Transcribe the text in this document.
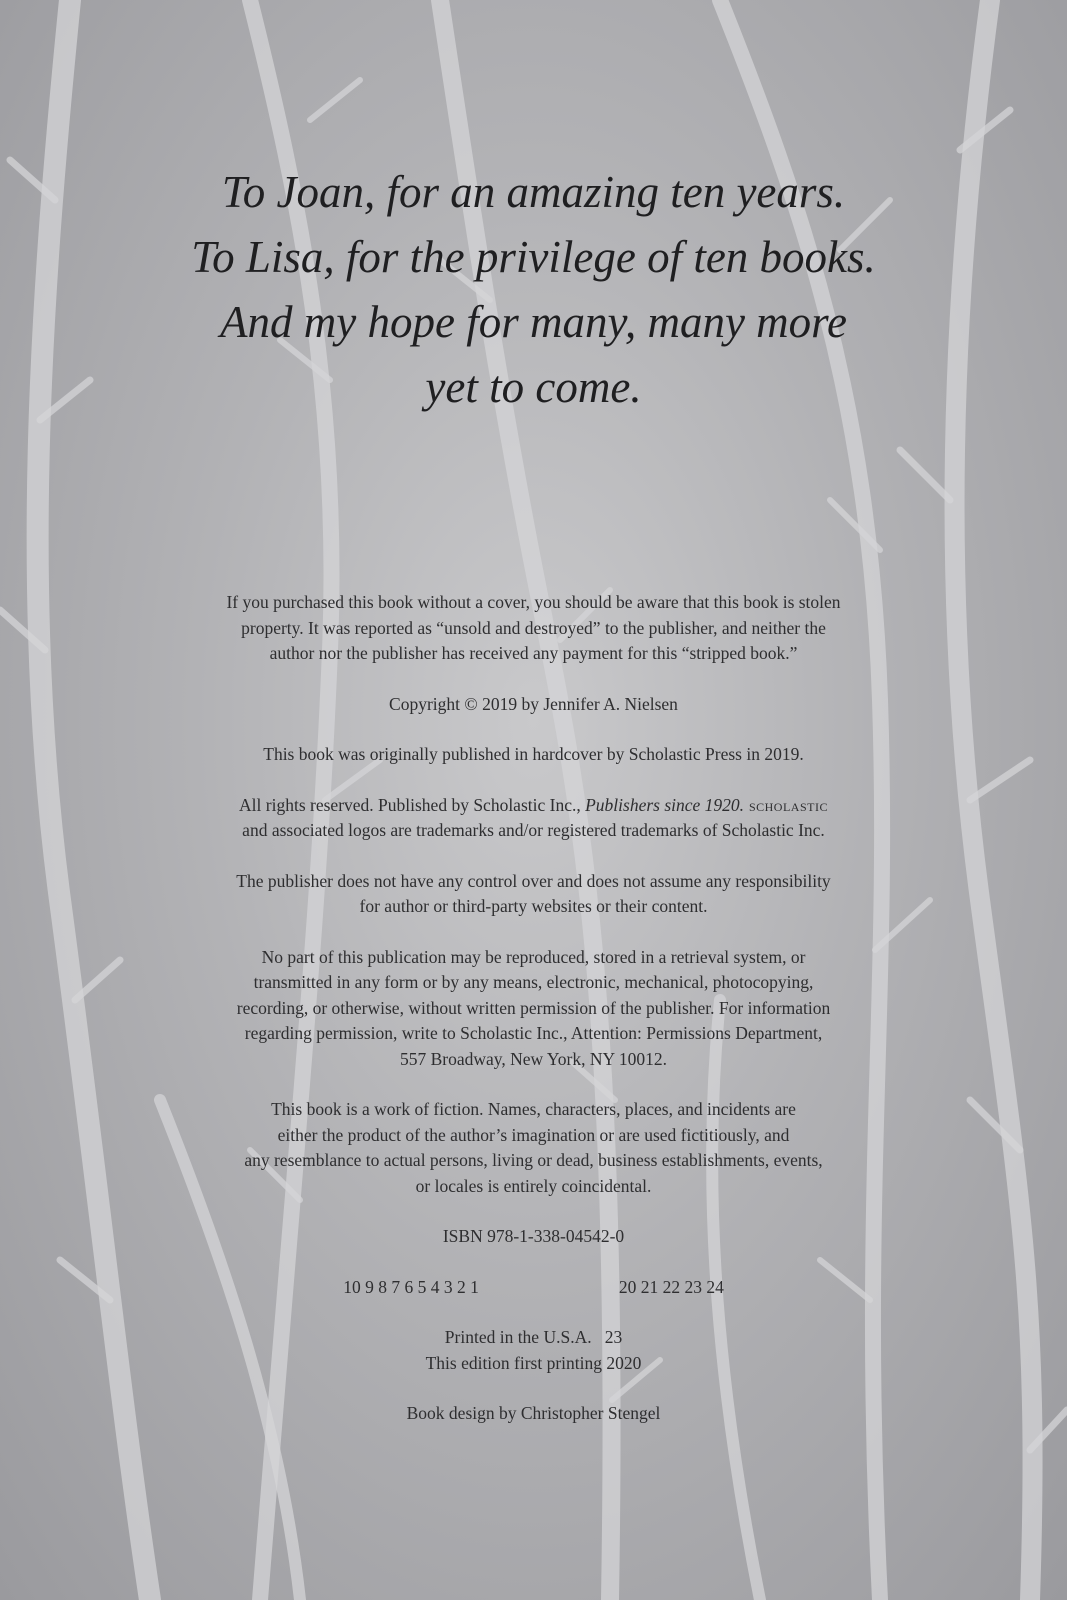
To Joan, for an amazing ten years.
To Lisa, for the privilege of ten books.
And my hope for many, many more
yet to come.

If you purchased this book without a cover, you should be aware that this book is stolen
property. It was reported as “unsold and destroyed” to the publisher, and neither the
author nor the publisher has received any payment for this “stripped book.”

Copyright © 2019 by Jennifer A. Nielsen

This book was originally published in hardcover by Scholastic Press in 2019.

All rights reserved. Published by Scholastic Inc., Publishers since 1920. scholastic
and associated logos are trademarks and/or registered trademarks of Scholastic Inc.

The publisher does not have any control over and does not assume any responsibility
for author or third-party websites or their content.

No part of this publication may be reproduced, stored in a retrieval system, or
transmitted in any form or by any means, electronic, mechanical, photocopying,
recording, or otherwise, without written permission of the publisher. For information
regarding permission, write to Scholastic Inc., Attention: Permissions Department,
557 Broadway, New York, NY 10012.

This book is a work of fiction. Names, characters, places, and incidents are
either the product of the author’s imagination or are used fictitiously, and
any resemblance to actual persons, living or dead, business establishments, events,
or locales is entirely coincidental.

ISBN 978-1-338-04542-0

10 9 8 7 6 5 4 3 2 1	20 21 22 23 24

Printed in the U.S.A.   23
This edition first printing 2020

Book design by Christopher Stengel
